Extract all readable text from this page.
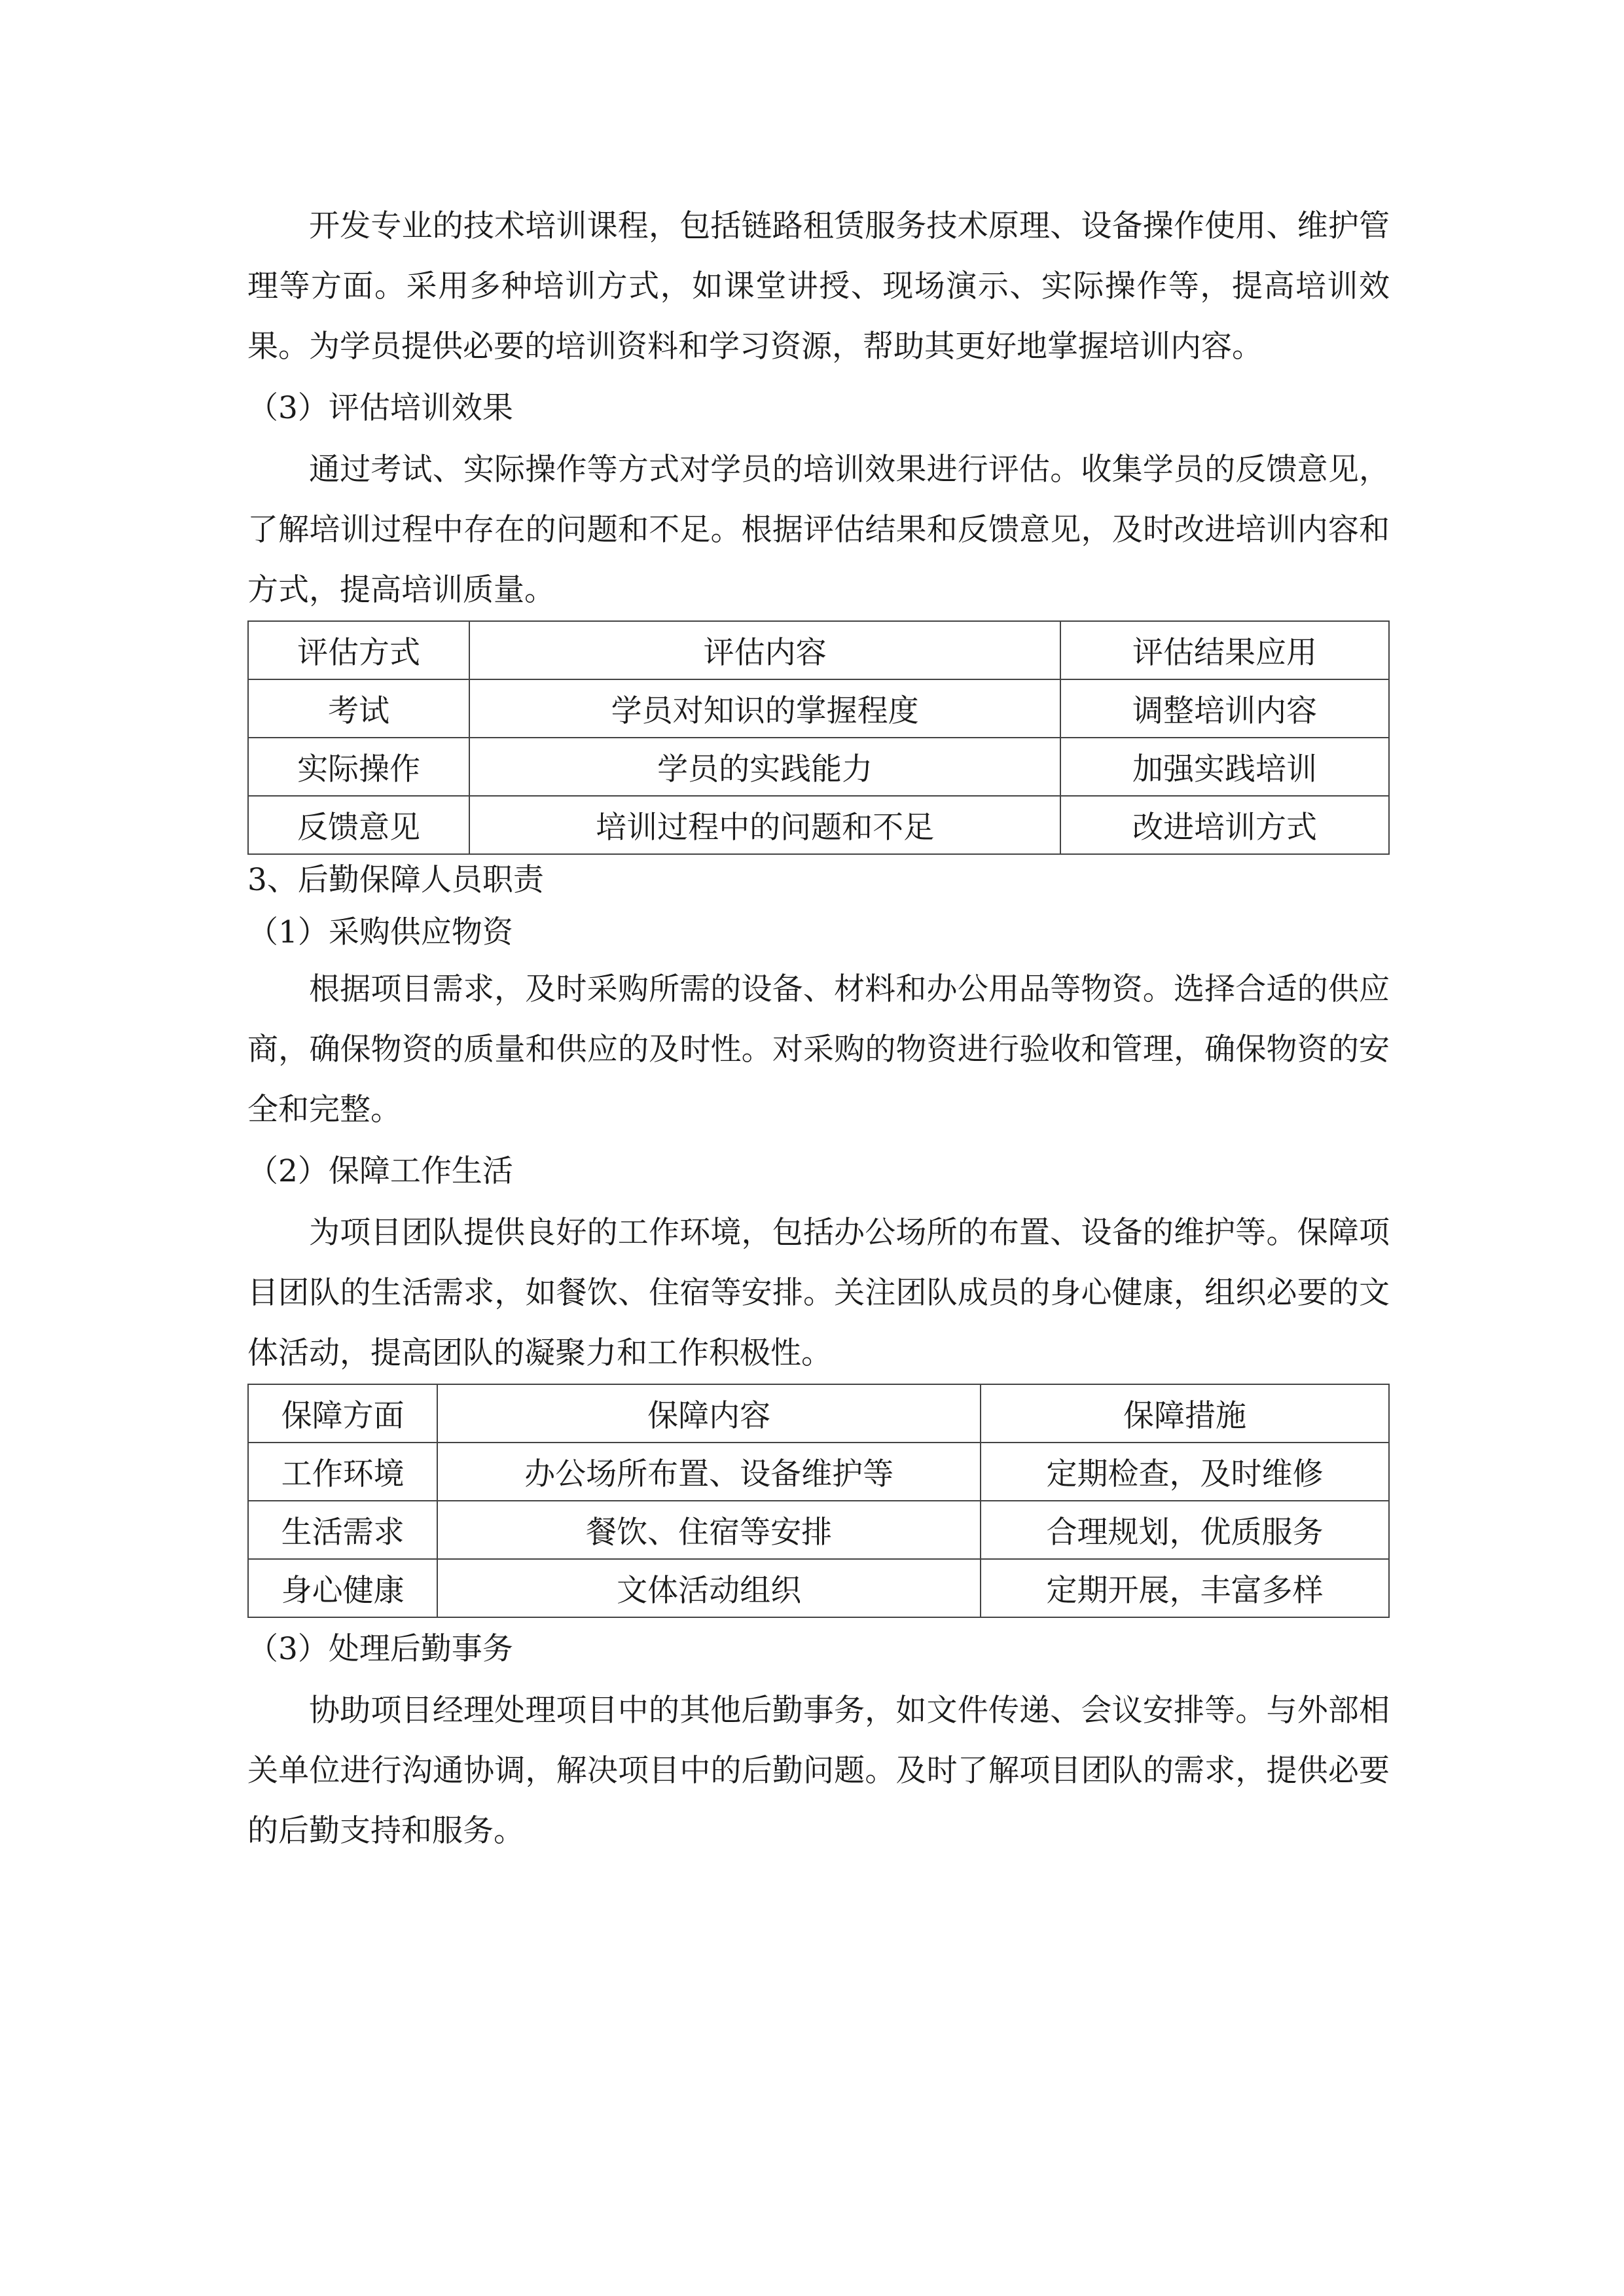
开发专业的技术培训课程，包括链路租赁服务技术原理、设备操作使用、维护管理等方面。采用多种培训方式，如课堂讲授、现场演示、实际操作等，提高培训效果。为学员提供必要的培训资料和学习资源，帮助其更好地掌握培训内容。

（3）评估培训效果

通过考试、实际操作等方式对学员的培训效果进行评估。收集学员的反馈意见，了解培训过程中存在的问题和不足。根据评估结果和反馈意见，及时改进培训内容和方式，提高培训质量。

评估方式	评估内容	评估结果应用
考试	学员对知识的掌握程度	调整培训内容
实际操作	学员的实践能力	加强实践培训
反馈意见	培训过程中的问题和不足	改进培训方式

3、后勤保障人员职责

（1）采购供应物资

根据项目需求，及时采购所需的设备、材料和办公用品等物资。选择合适的供应商，确保物资的质量和供应的及时性。对采购的物资进行验收和管理，确保物资的安全和完整。

（2）保障工作生活

为项目团队提供良好的工作环境，包括办公场所的布置、设备的维护等。保障项目团队的生活需求，如餐饮、住宿等安排。关注团队成员的身心健康，组织必要的文体活动，提高团队的凝聚力和工作积极性。

保障方面	保障内容	保障措施
工作环境	办公场所布置、设备维护等	定期检查，及时维修
生活需求	餐饮、住宿等安排	合理规划，优质服务
身心健康	文体活动组织	定期开展，丰富多样

（3）处理后勤事务

协助项目经理处理项目中的其他后勤事务，如文件传递、会议安排等。与外部相关单位进行沟通协调，解决项目中的后勤问题。及时了解项目团队的需求，提供必要的后勤支持和服务。
